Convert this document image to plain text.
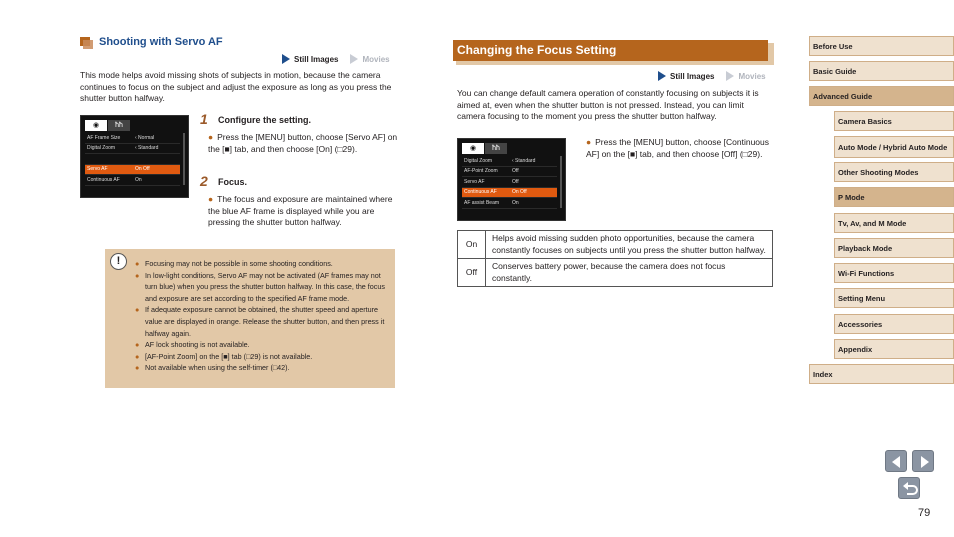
Shooting with Servo AF
Still Images	Movies
This mode helps avoid missing shots of subjects in motion, because the camera continues to focus on the subject and adjust the exposure as long as you press the shutter button halfway.
◉	ћћ
AF Frame Size	‹ Normal
Digital Zoom	‹ Standard
Servo AF	On Off
Continuous AF	On
1 Configure the setting.
● Press the [MENU] button, choose [Servo AF] on the [■] tab, and then choose [On] (□29).
2 Focus.
● The focus and exposure are maintained where the blue AF frame is displayed while you are pressing the shutter button halfway.
!	● Focusing may not be possible in some shooting conditions.
● In low-light conditions, Servo AF may not be activated (AF frames may not turn blue) when you press the shutter button halfway. In this case, the focus and exposure are set according to the specified AF frame mode.
● If adequate exposure cannot be obtained, the shutter speed and aperture value are displayed in orange. Release the shutter button, and then press it halfway again.
● AF lock shooting is not available.
● [AF-Point Zoom] on the [■] tab (□29) is not available.
● Not available when using the self-timer (□42).
Changing the Focus Setting
Still Images	Movies
You can change default camera operation of constantly focusing on subjects it is aimed at, even when the shutter button is not pressed. Instead, you can limit camera focusing to the moment you press the shutter button halfway.
◉	ћћ
Digital Zoom	‹ Standard
AF-Point Zoom	Off
Servo AF	Off
Continuous AF	On Off
AF assist Beam	On
● Press the [MENU] button, choose [Continuous AF] on the [■] tab, and then choose [Off] (□29).
On	Helps avoid missing sudden photo opportunities, because the camera constantly focuses on subjects until you press the shutter button halfway.
Off	Conserves battery power, because the camera does not focus constantly.
Before Use
Basic Guide
Advanced Guide
Camera Basics
Auto Mode / Hybrid Auto Mode
Other Shooting Modes
P Mode
Tv, Av, and M Mode
Playback Mode
Wi-Fi Functions
Setting Menu
Accessories
Appendix
Index
79
